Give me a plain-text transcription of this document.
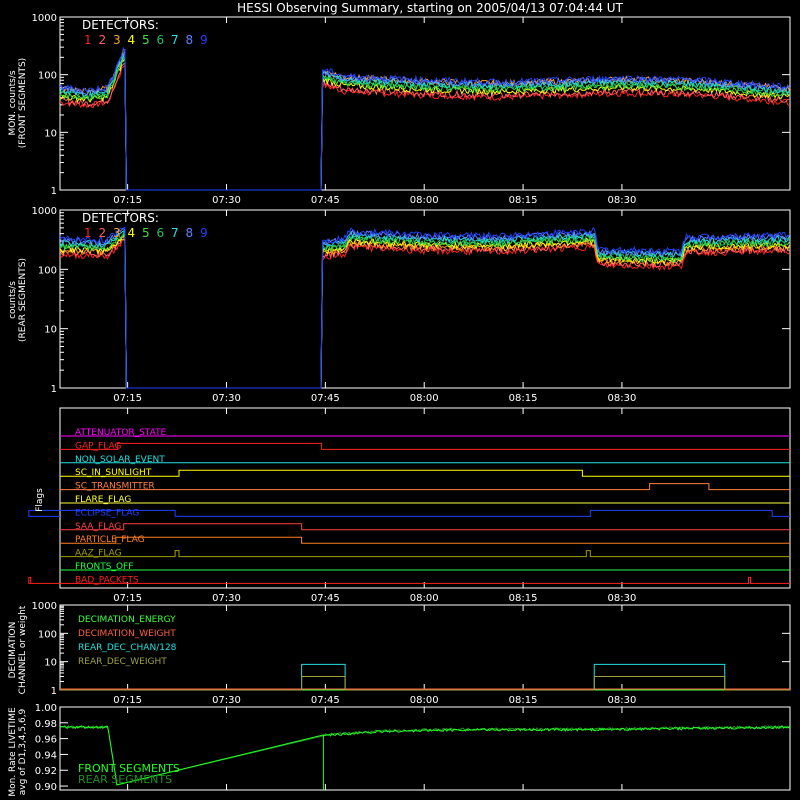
HESSI Observing Summary, starting on 2005/04/13 07:04:44 UT
1
10
100
1000
1
10
100
1000
1
10
100
1000
0.90
0.92
0.94
0.96
0.98
1.00
07:15	07:30	07:45	08:00	08:15	08:30
07:15	07:30	07:45	08:00	08:15	08:30
07:15	07:30	07:45	08:00	08:15	08:30
07:15	07:30	07:45	08:00	08:15	08:30
DETECTORS:
1 2 3 4 5 6 7 8 9
DETECTORS:
1 2 3 4 5 6 7 8 9
ATTENUATOR_STATE
GAP_FLAG
NON_SOLAR_EVENT
SC_IN_SUNLIGHT
SC_TRANSMITTER
FLARE_FLAG
ECLIPSE_FLAG
SAA_FLAG
PARTICLE_FLAG
AAZ_FLAG
FRONTS_OFF
BAD_PACKETS
DECIMATION_ENERGY
DECIMATION_WEIGHT
REAR_DEC_CHAN/128
REAR_DEC_WEIGHT
FRONT SEGMENTS
REAR SEGMENTS
MON. counts/s (FRONT SEGMENTS)
counts/s (REAR SEGMENTS)
Flags
DECIMATION CHANNEL or weight
Mon. Rate LIVETIME avg of D1,3,4,5,6,9
